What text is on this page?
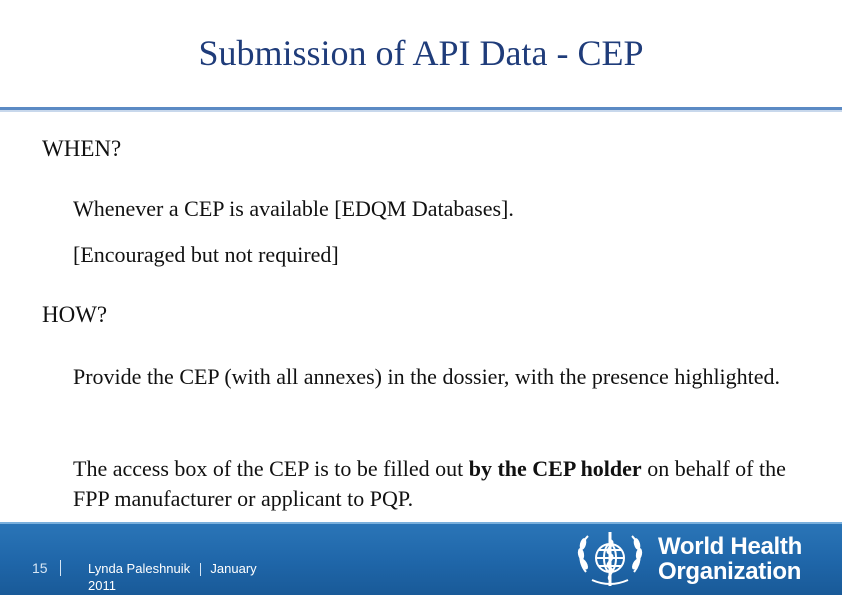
Submission of API Data - CEP
WHEN?
Whenever a CEP is available [EDQM Databases].
[Encouraged but not required]
HOW?
Provide the CEP (with all annexes) in the dossier, with the presence highlighted.
The access box of the CEP is to be filled out by the CEP holder on behalf of the FPP manufacturer or applicant to PQP.
15	Lynda Paleshnuik January
2011
World Health
Organization
